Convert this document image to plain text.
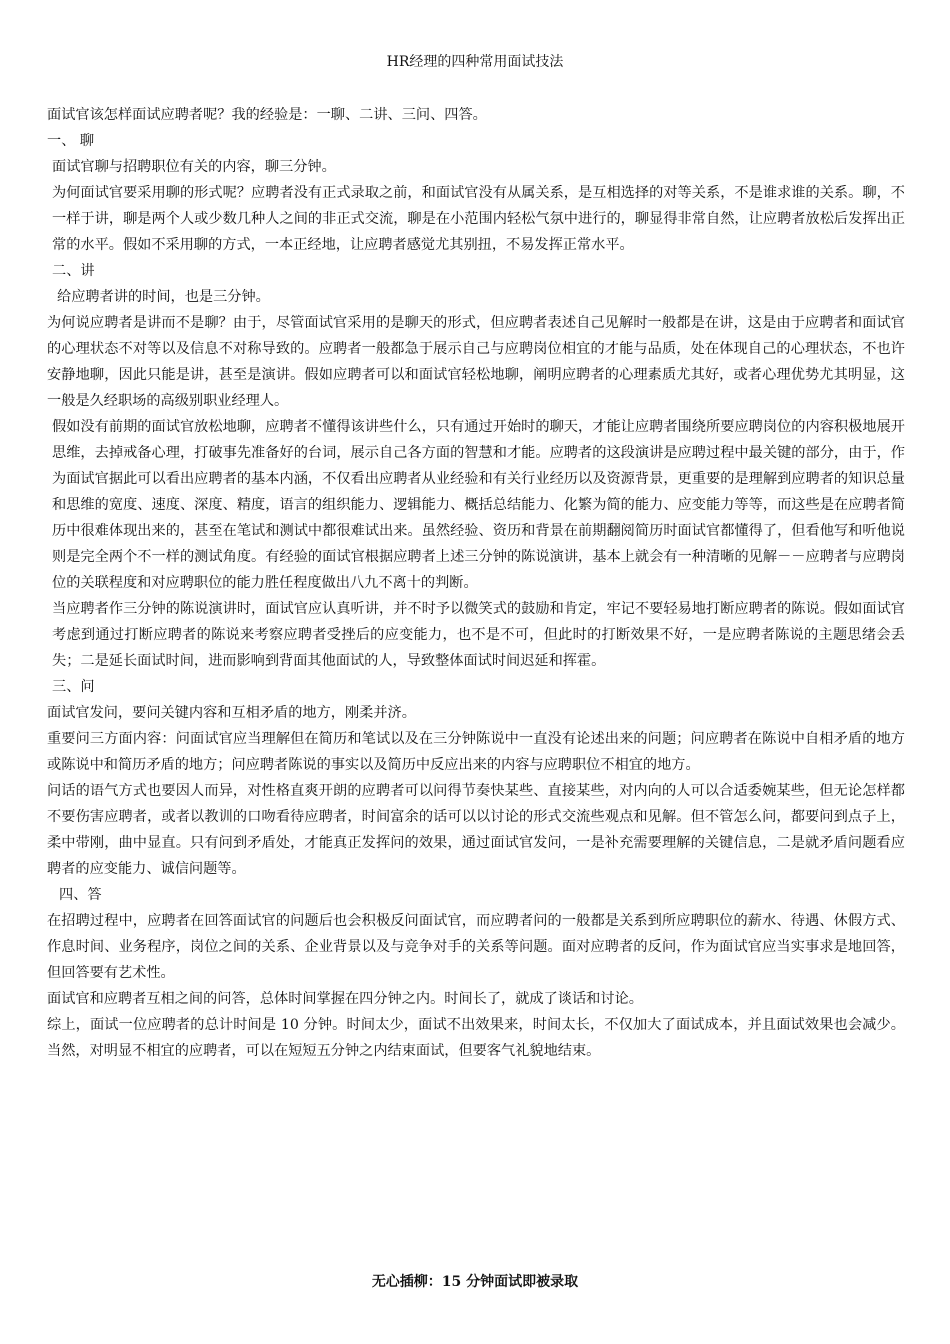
HR经理的四种常用面试技法

面试官该怎样面试应聘者呢？我的经验是：一聊、二讲、三问、四答。

一、 聊

面试官聊与招聘职位有关的内容，聊三分钟。

为何面试官要采用聊的形式呢？应聘者没有正式录取之前，和面试官没有从属关系，是互相选择的对等关系，不是谁求谁的关系。聊，不一样于讲，聊是两个人或少数几种人之间的非正式交流，聊是在小范围内轻松气氛中进行的，聊显得非常自然，让应聘者放松后发挥出正常的水平。假如不采用聊的方式，一本正经地，让应聘者感觉尤其别扭，不易发挥正常水平。

二、讲

给应聘者讲的时间，也是三分钟。

为何说应聘者是讲而不是聊？由于，尽管面试官采用的是聊天的形式，但应聘者表述自己见解时一般都是在讲，这是由于应聘者和面试官的心理状态不对等以及信息不对称导致的。应聘者一般都急于展示自己与应聘岗位相宜的才能与品质，处在体现自己的心理状态，不也许安静地聊，因此只能是讲，甚至是演讲。假如应聘者可以和面试官轻松地聊，阐明应聘者的心理素质尤其好，或者心理优势尤其明显，这一般是久经职场的高级别职业经理人。

假如没有前期的面试官放松地聊，应聘者不懂得该讲些什么，只有通过开始时的聊天，才能让应聘者围绕所要应聘岗位的内容积极地展开思维，去掉戒备心理，打破事先准备好的台词，展示自己各方面的智慧和才能。应聘者的这段演讲是应聘过程中最关键的部分，由于，作为面试官据此可以看出应聘者的基本内涵，不仅看出应聘者从业经验和有关行业经历以及资源背景，更重要的是理解到应聘者的知识总量和思维的宽度、速度、深度、精度，语言的组织能力、逻辑能力、概括总结能力、化繁为简的能力、应变能力等等，而这些是在应聘者简历中很难体现出来的，甚至在笔试和测试中都很难试出来。虽然经验、资历和背景在前期翻阅简历时面试官都懂得了，但看他写和听他说则是完全两个不一样的测试角度。有经验的面试官根据应聘者上述三分钟的陈说演讲，基本上就会有一种清晰的见解－－应聘者与应聘岗位的关联程度和对应聘职位的能力胜任程度做出八九不离十的判断。

当应聘者作三分钟的陈说演讲时，面试官应认真听讲，并不时予以微笑式的鼓励和肯定，牢记不要轻易地打断应聘者的陈说。假如面试官考虑到通过打断应聘者的陈说来考察应聘者受挫后的应变能力，也不是不可，但此时的打断效果不好，一是应聘者陈说的主题思绪会丢失；二是延长面试时间，进而影响到背面其他面试的人，导致整体面试时间迟延和挥霍。

三、问

面试官发问，要问关键内容和互相矛盾的地方，刚柔并济。

重要问三方面内容：问面试官应当理解但在简历和笔试以及在三分钟陈说中一直没有论述出来的问题；问应聘者在陈说中自相矛盾的地方或陈说中和简历矛盾的地方；问应聘者陈说的事实以及简历中反应出来的内容与应聘职位不相宜的地方。

问话的语气方式也要因人而异，对性格直爽开朗的应聘者可以问得节奏快某些、直接某些，对内向的人可以合适委婉某些，但无论怎样都不要伤害应聘者，或者以教训的口吻看待应聘者，时间富余的话可以以讨论的形式交流些观点和见解。但不管怎么问，都要问到点子上，柔中带刚，曲中显直。只有问到矛盾处，才能真正发挥问的效果，通过面试官发问，一是补充需要理解的关键信息，二是就矛盾问题看应聘者的应变能力、诚信问题等。

四、答

在招聘过程中，应聘者在回答面试官的问题后也会积极反问面试官，而应聘者问的一般都是关系到所应聘职位的薪水、待遇、休假方式、作息时间、业务程序，岗位之间的关系、企业背景以及与竞争对手的关系等问题。面对应聘者的反问，作为面试官应当实事求是地回答，但回答要有艺术性。

面试官和应聘者互相之间的问答，总体时间掌握在四分钟之内。时间长了，就成了谈话和讨论。

综上，面试一位应聘者的总计时间是 10 分钟。时间太少，面试不出效果来，时间太长，不仅加大了面试成本，并且面试效果也会减少。当然，对明显不相宜的应聘者，可以在短短五分钟之内结束面试，但要客气礼貌地结束。

无心插柳：15 分钟面试即被录取
